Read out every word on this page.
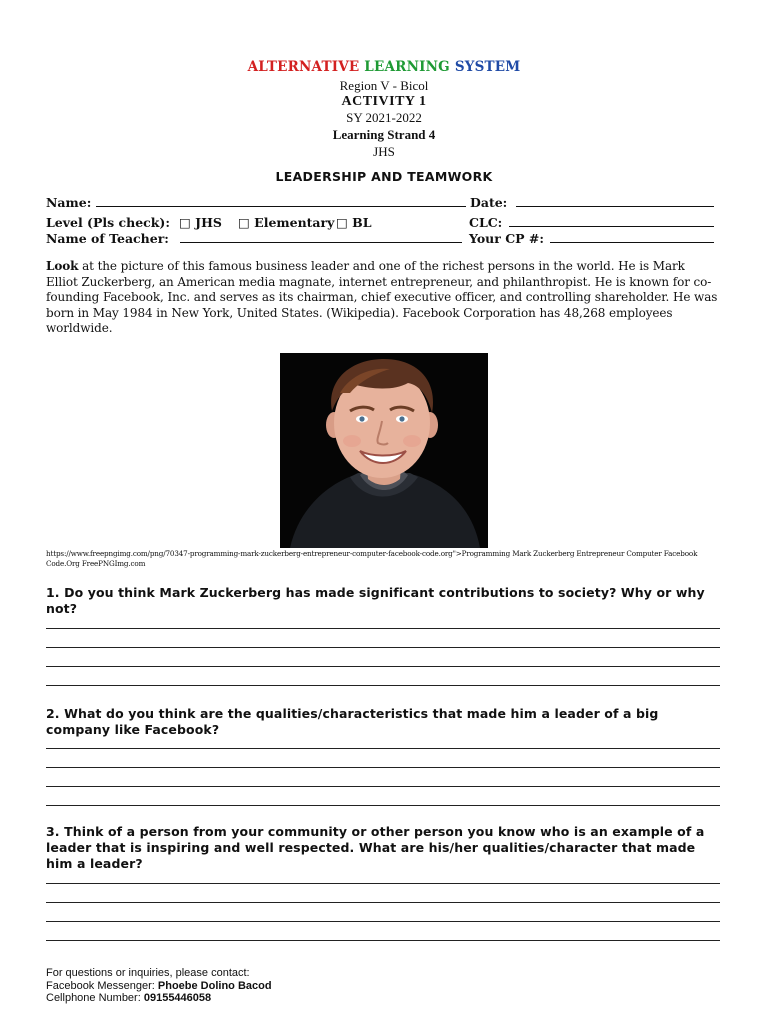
ALTERNATIVE LEARNING SYSTEM
Region V - Bicol
ACTIVITY 1
SY 2021-2022
Learning Strand 4
JHS
LEADERSHIP AND TEAMWORK
Name:	Date:
Level (Pls check): □ JHS □ Elementary □ BL	CLC:
Name of Teacher:	Your CP #:
Look at the picture of this famous business leader and one of the richest persons in the world. He is Mark Elliot Zuckerberg, an American media magnate, internet entrepreneur, and philanthropist. He is known for co-founding Facebook, Inc. and serves as its chairman, chief executive officer, and controlling shareholder. He was born in May 1984 in New York, United States. (Wikipedia). Facebook Corporation has 48,268 employees worldwide.
https://www.freepngimg.com/png/70347-programming-mark-zuckerberg-entrepreneur-computer-facebook-code.org">Programming Mark Zuckerberg Entrepreneur Computer Facebook Code.Org FreePNGImg.com
1. Do you think Mark Zuckerberg has made significant contributions to society? Why or why not?
2. What do you think are the qualities/characteristics that made him a leader of a big company like Facebook?
3. Think of a person from your community or other person you know who is an example of a leader that is inspiring and well respected. What are his/her qualities/character that made him a leader?
For questions or inquiries, please contact:
Facebook Messenger: Phoebe Dolino Bacod
Cellphone Number: 09155446058
